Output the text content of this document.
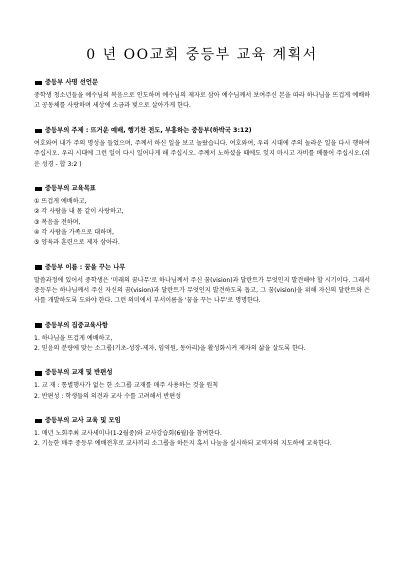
0 년 OO교회 중등부 교육 계획서
중등부 사명 선언문

중학생 청소년들을 예수님의 복음으로 인도하며 예수님의 제자로 삼아 예수님께서 보여주신 본을 따라 하나님을 뜨겁게 예배하고 공동체를 사랑하며 세상에 소금과 빛으로 살아가게 한다.

중등부의 주제 : 뜨거운 예배, 행기찬 전도, 부흥하는 중등부(하박국 3:12)

여호와여 내가 주의 명성을 들었으며, 주께서 하신 일을 보고 놀랐습니다. 여호와여, 우리 시대에 주의 놀라운 일을 다시 행하여 주십시오. 우리 시대에 그런 일이 다시 일어나게 해 주십시오. 주께서 노하셨을 때에도 잊지 마시고 자비를 베풀어 주십시오.(쉬운 성경 - 합 3:2 )

중등부의 교육목표
① 뜨겁게 예배하고,
② 각 사람을 내 몸 같이 사랑하고,
③ 복음을 전하며,
④ 각 사람을 가족으로 대하며,
⑤ 양육과 훈련으로 제자 삼아라.
중등부 이름 : 꿈을 꾸는 나무

말씀과정에 있어서 중학생은 '미래의 꿈나무'로 하나님께서 주신 꿈(vision)과 달란트가 무엇인지 발견해야 할 시기이다. 그래서 중등부는 하나님께서 주신 자신의 꿈(vision)과 달란트가 무엇인지 발견하도록 돕고, 그 꿈(vision)을 위해 자신의 달란트와 은사를 개발하도록 도와야 한다. 그런 의미에서 부서이름을 '꿈을 꾸는 나무'로 명명한다.

중등부의 집중교육사항
1. 하나님을 뜨겁게 예배하고,
2. 믿음의 분량에 맞는 소그룹(기초-성장-제자, 임역원, 동아리)을 활성화시켜 제자의 삶을 살도록 한다.
중등부의 교재 및 반편성
1. 교 재 : 통별행사가 없는 한 소그룹 교재를 매주 사용하는 것을 원칙
2. 반편성 : 학생들의 의견과 교사 수를 고려해서 반편성
중등부의 교사 교육 및 모임
1. 매년 노회주최 교사세미나(1-2월중)와 교사강습회(6월)을 참여한다.
2. 기능한 매주 중등부 예배전후로 교사끼리 소그룹을 하든지 혹서 나눔을 실시하되 교역자의 지도하에 교육한다.
